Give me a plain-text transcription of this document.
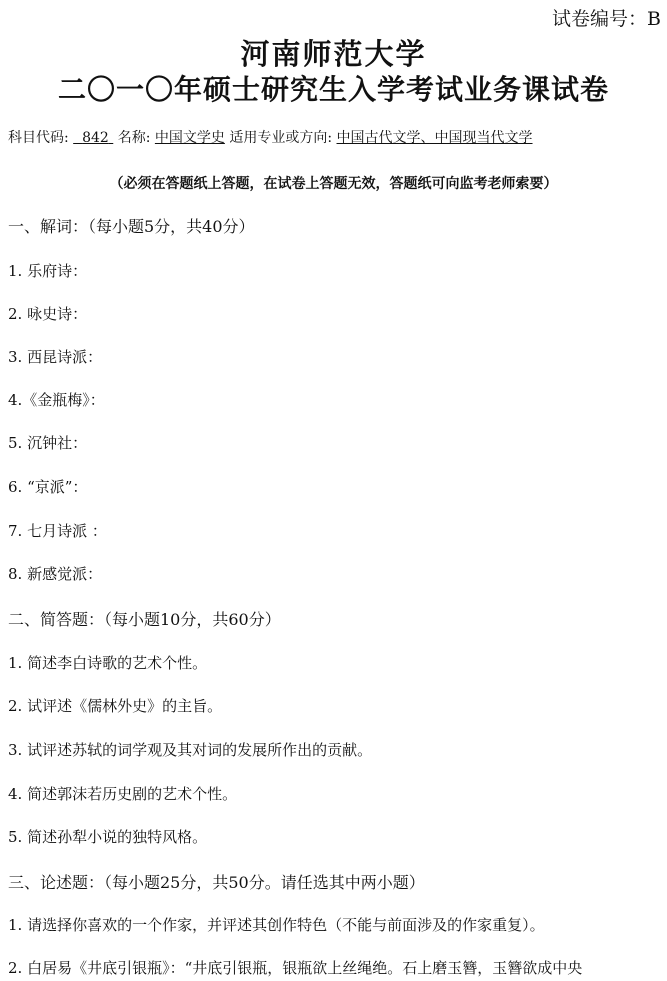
试卷编号：B
河南师范大学
二〇一〇年硕士研究生入学考试业务课试卷
科目代码: 842 名称: 中国文学史 适用专业或方向: 中国古代文学、中国现当代文学
（必须在答题纸上答题，在试卷上答题无效，答题纸可向监考老师索要）
一、解词：（每小题5分，共40分）
1. 乐府诗：
2. 咏史诗：
3. 西昆诗派：
4.《金瓶梅》：
5. 沉钟社：
6. “京派”：
7. 七月诗派 ：
8. 新感觉派：
二、简答题：（每小题10分，共60分）
1. 简述李白诗歌的艺术个性。
2. 试评述《儒林外史》的主旨。
3. 试评述苏轼的词学观及其对词的发展所作出的贡献。
4. 简述郭沫若历史剧的艺术个性。
5. 简述孙犁小说的独特风格。
三、论述题：（每小题25分，共50分。请任选其中两小题）
1. 请选择你喜欢的一个作家，并评述其创作特色（不能与前面涉及的作家重复）。
2. 白居易《井底引银瓶》：“井底引银瓶，银瓶欲上丝绳绝。石上磨玉簪，玉簪欲成中央
